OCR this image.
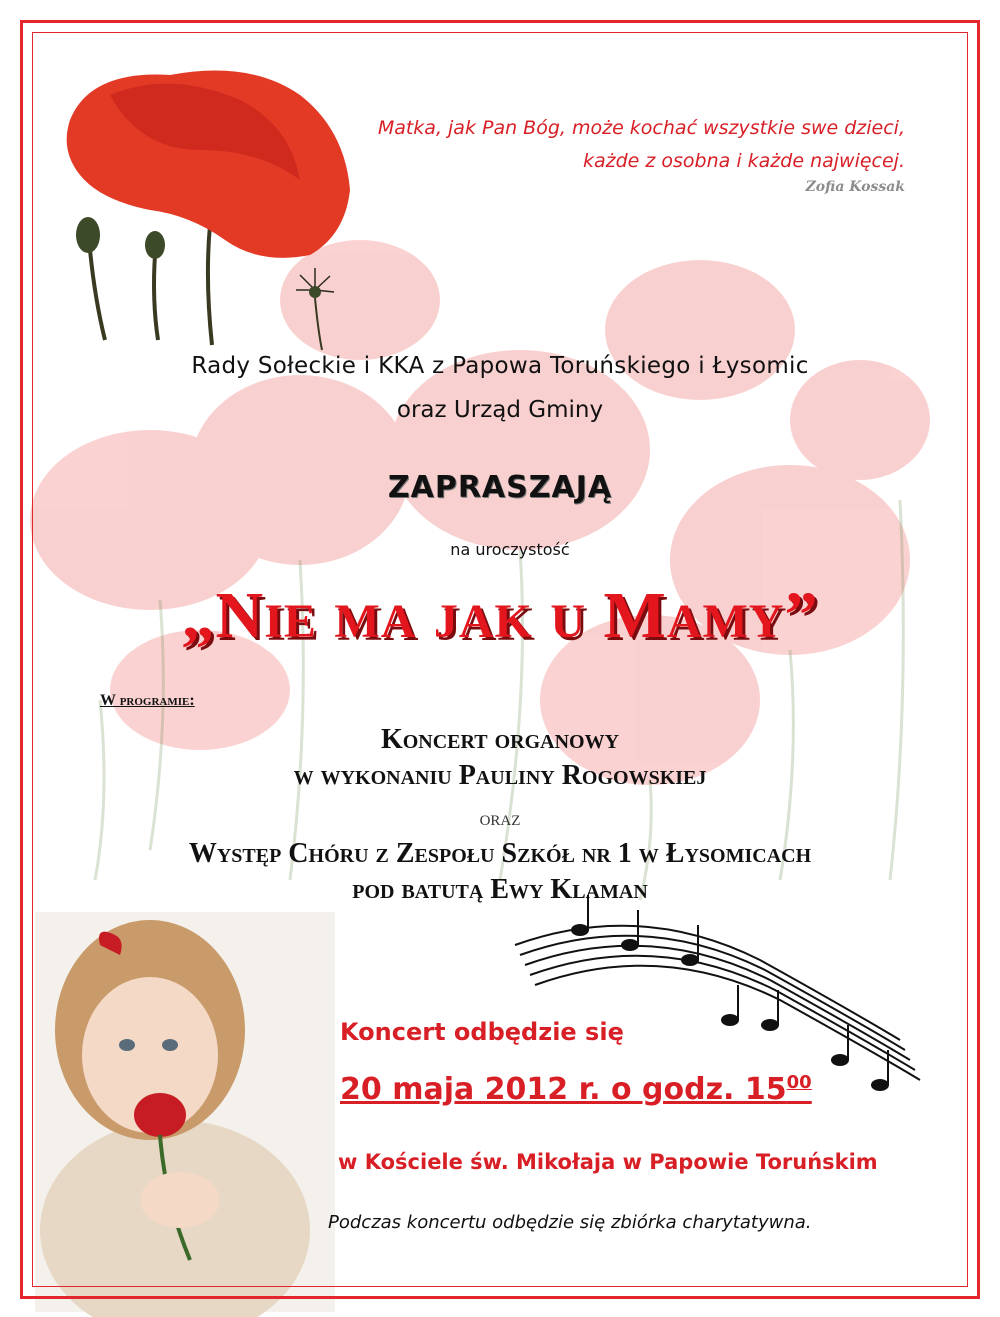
Matka, jak Pan Bóg, może kochać wszystkie swe dzieci,
każde z osobna i każde najwięcej.
Zofia Kossak
Rady Sołeckie i KKA z Papowa Toruńskiego i Łysomic
oraz Urząd Gminy
ZAPRASZAJĄ
na uroczystość
„NIE MA JAK U MAMY”
W programie:
Koncert organowy
w wykonaniu Pauliny Rogowskiej
oraz
Występ Chóru z Zespołu Szkół nr 1 w Łysomicach
pod batutą Ewy Klaman
Koncert odbędzie się
20 maja 2012 r. o godz. $15^{00}$
w Kościele św. Mikołaja w Papowie Toruńskim
Podczas koncertu odbędzie się zbiórka charytatywna.
